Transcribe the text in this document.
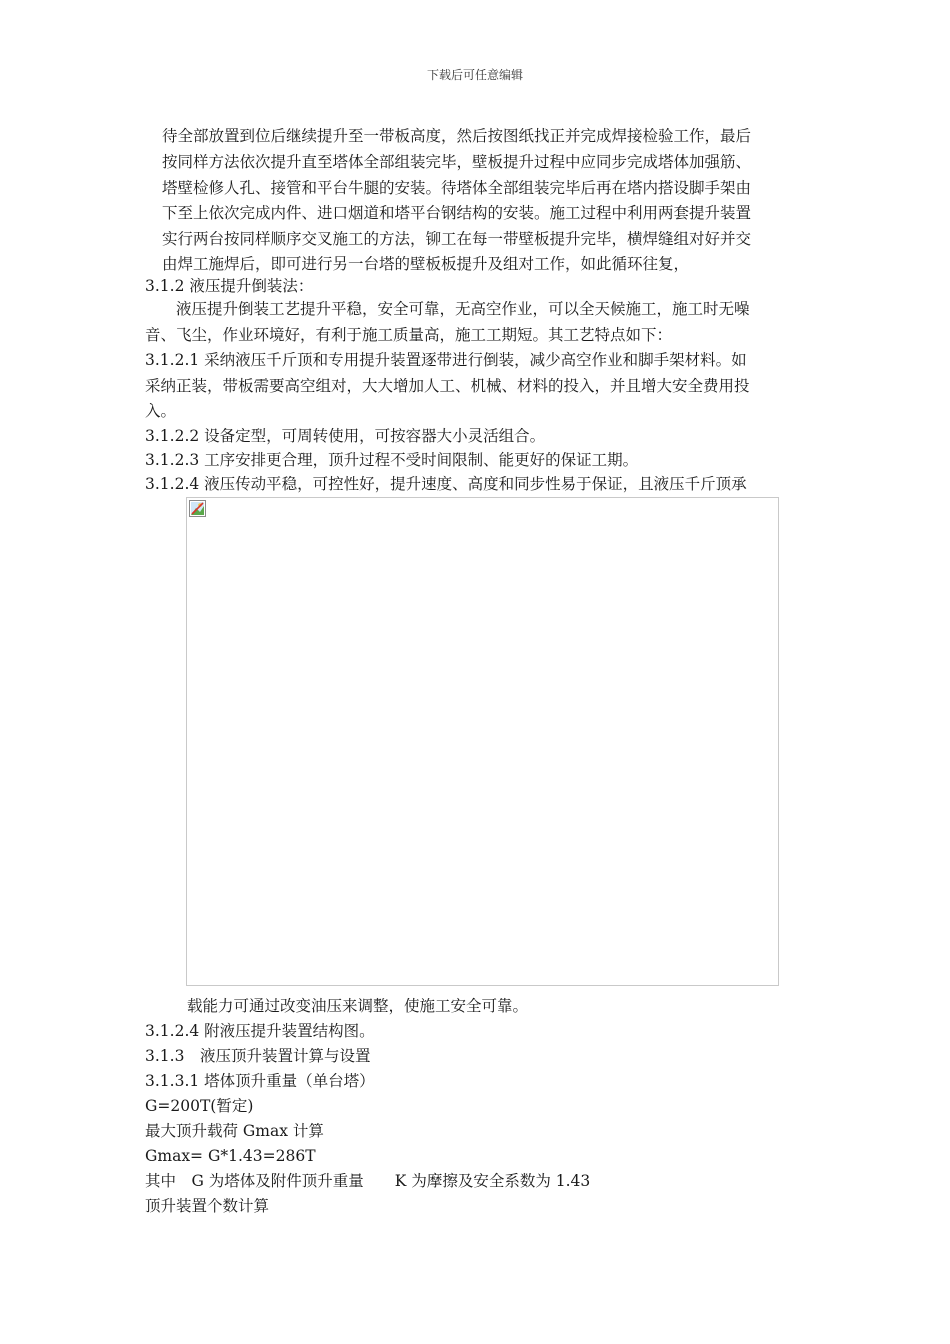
下载后可任意编辑
待全部放置到位后继续提升至一带板高度，然后按图纸找正并完成焊接检验工作，最后
按同样方法依次提升直至塔体全部组装完毕，壁板提升过程中应同步完成塔体加强筋、
塔壁检修人孔、接管和平台牛腿的安装。待塔体全部组装完毕后再在塔内搭设脚手架由
下至上依次完成内件、进口烟道和塔平台钢结构的安装。施工过程中利用两套提升装置
实行两台按同样顺序交叉施工的方法，铆工在每一带壁板提升完毕，横焊缝组对好并交
由焊工施焊后，即可进行另一台塔的壁板板提升及组对工作，如此循环往复，
3.1.2 液压提升倒装法：
　　液压提升倒装工艺提升平稳，安全可靠，无高空作业，可以全天候施工，施工时无噪
音、飞尘，作业环境好，有利于施工质量高，施工工期短。其工艺特点如下：
3.1.2.1 采纳液压千斤顶和专用提升装置逐带进行倒装，减少高空作业和脚手架材料。如
采纳正装，带板需要高空组对，大大增加人工、机械、材料的投入，并且增大安全费用投
入。
3.1.2.2 设备定型，可周转使用，可按容器大小灵活组合。
3.1.2.3 工序安排更合理，顶升过程不受时间限制、能更好的保证工期。
3.1.2.4 液压传动平稳，可控性好，提升速度、高度和同步性易于保证，且液压千斤顶承
载能力可通过改变油压来调整，使施工安全可靠。
3.1.2.4 附液压提升装置结构图。
3.1.3　液压顶升装置计算与设置
3.1.3.1 塔体顶升重量（单台塔）
G=200T(暂定)
最大顶升载荷 Gmax 计算
Gmax= G*1.43=286T
其中　G 为塔体及附件顶升重量　　K 为摩擦及安全系数为 1.43
顶升装置个数计算
